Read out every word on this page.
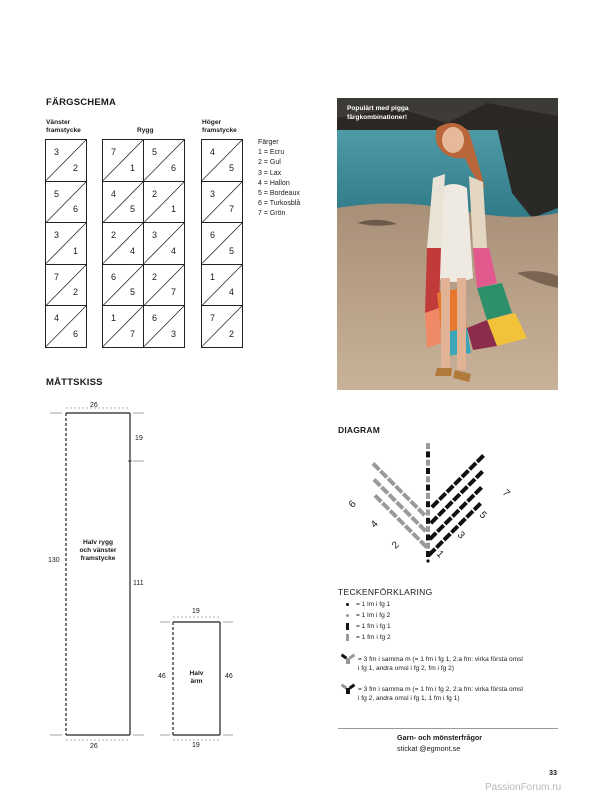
FÄRGSCHEMA
Vänster
framstycke	Rygg
Höger
framstycke
3
2
5
6
3
1
7
2
4
6
7
1
5
6
4
5
2
1
2
4
3
4
6
5
2
7
1
7
6
3
4
5
3
7
6
5
1
4
7
2
Färger
1 = Ecru
2 = Gul
3 = Lax
4 = Hallon
5 = Bordeaux
6 = Turkosblå
7 = Grön
Populärt med pigga
färgkombinationer!
MÅTTSKISS
26
26
19
111
130
Halv rygg
och vänster
framstycke
19
19
46	46
Halv
ärm
DIAGRAM
2
4
6
1
3
5
7
TECKENFÖRKLARING
= 1 lm i fg 1
= 1 lm i fg 2
= 1 fm i fg 1
= 1 fm i fg 2
= 3 fm i samma m (= 1 fm i fg 1, 2:a fm: virka första omsl
i fg 1, andra omsl i fg 2, fm i fg 2)
= 3 fm i samma m (= 1 fm i fg 2, 2:a fm: virka första omsl
i fg 2, andra omsl i fg 1, 1 fm i fg 1)
Garn- och mönsterfrågor
stickat @egmont.se
33
PassionForum.ru
